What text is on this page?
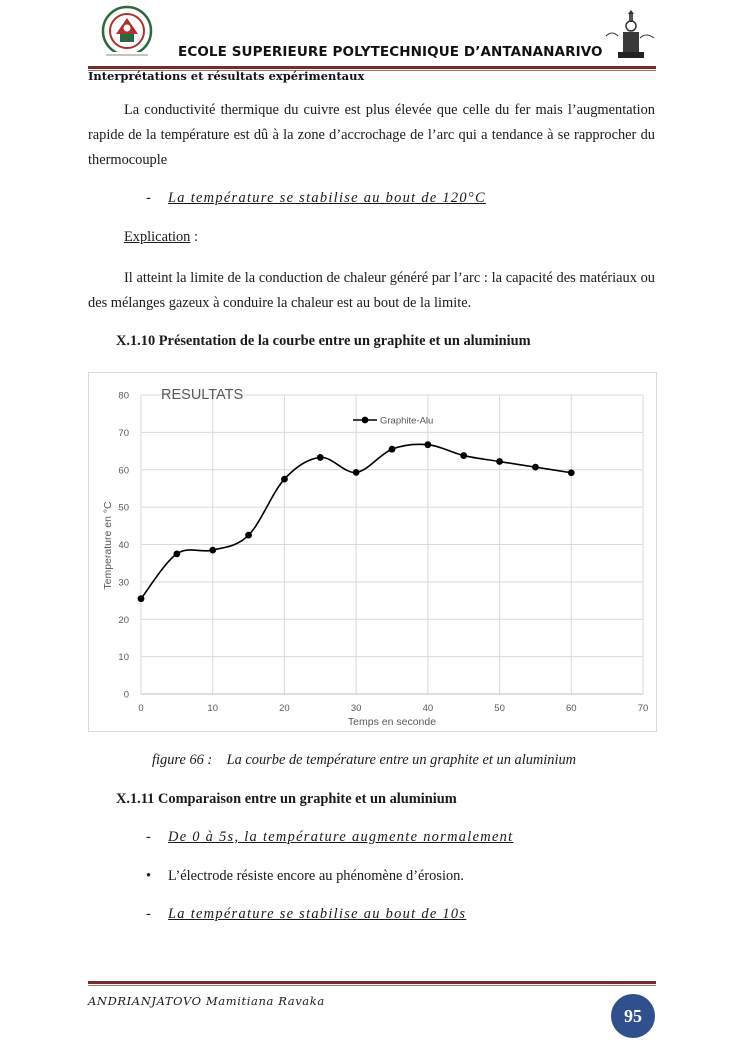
ECOLE SUPERIEURE POLYTECHNIQUE D’ANTANANARIVO
Interprétations et résultats expérimentaux
La conductivité thermique du cuivre est plus élevée que celle du fer mais l’augmentation rapide de la température est dû à la zone d’accrochage de l’arc qui a tendance à se rapprocher du thermocouple
- La température se stabilise au bout de 120°C
Explication :
Il atteint la limite de la conduction de chaleur généré par l’arc : la capacité des matériaux ou des mélanges gazeux à conduire la chaleur est au bout de la limite.
X.1.10 Présentation de la courbe entre un graphite et un aluminium
0
10
20
30
40
50
60
70
80
0	10	20	30	40	50	60	70
RESULTATS
Temps en seconde
Temperature en °C
Graphite-Alu
figure 66 : La courbe de température entre un graphite et un aluminium
X.1.11 Comparaison entre un graphite et un aluminium
- De 0 à 5s, la température augmente normalement
• L’électrode résiste encore au phénomène d’érosion.
- La température se stabilise au bout de 10s
ANDRIANJATOVO Mamitiana Ravaka
95
